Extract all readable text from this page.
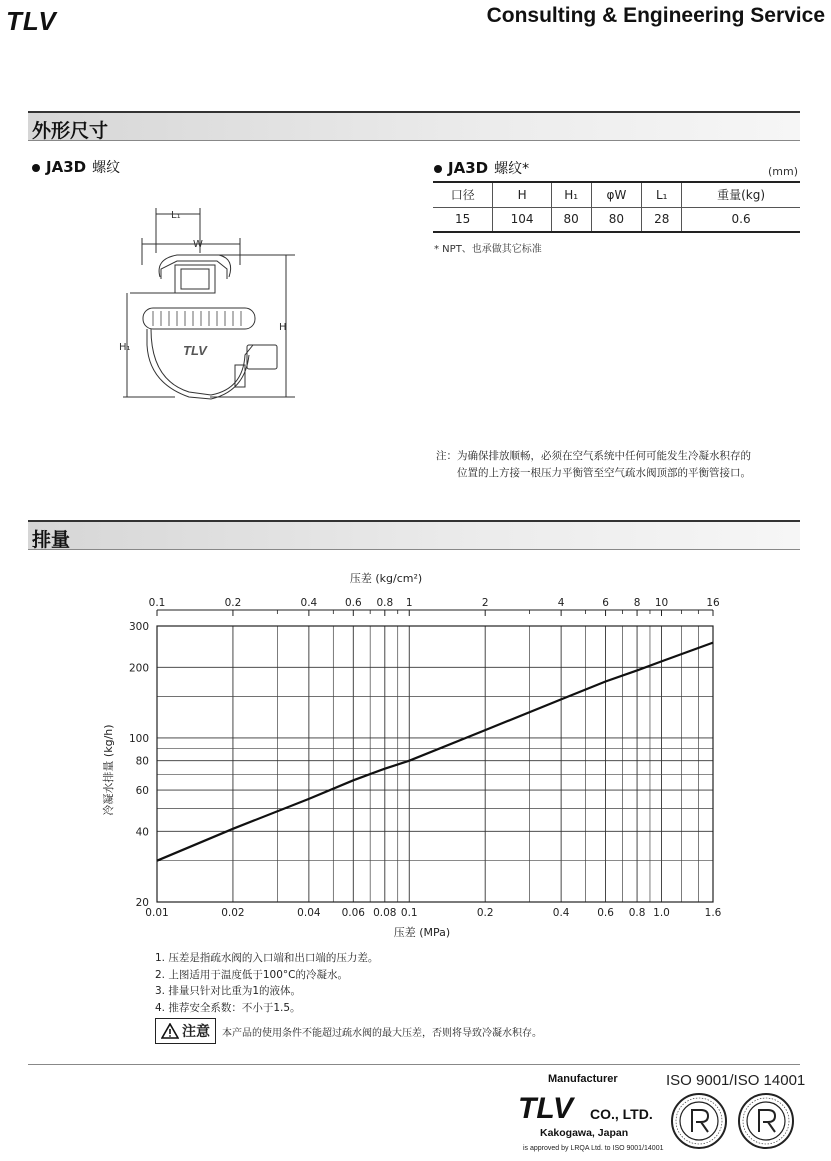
TLV	Consulting & Engineering Service
外形尺寸
JA3D 螺纹
L₁
W
H
H₁	TLV
JA3D 螺纹*	(mm)
口径	H	H₁	φW	L₁	重量(kg)
15	104	80	80	28	0.6
* NPT、也承做其它标准
注：为确保排放顺畅，必须在空气系统中任何可能发生冷凝水积存的
位置的上方接一根压力平衡管至空气疏水阀顶部的平衡管接口。
排量
0.01	0.02	0.04 0.06 0.08 0.1	0.2	0.4	0.6 0.8 1.0	1.6
0.1	0.2	0.4	0.6 0.8 1	2	4	6 8 10	16
20
40
60
80
100
200
300
压差 (kg/cm²)
压差 (MPa)
冷凝水排量 (kg/h)
1. 压差是指疏水阀的入口端和出口端的压力差。
2. 上图适用于温度低于100°C的冷凝水。
3. 排量只针对比重为1的液体。
4. 推荐安全系数：不小于1.5。
注意 本产品的使用条件不能超过疏水阀的最大压差，否则将导致冷凝水积存。
Manufacturer	ISO 9001/ISO 14001
TLV CO., LTD.
Kakogawa, Japan
is approved by LRQA Ltd. to ISO 9001/14001
